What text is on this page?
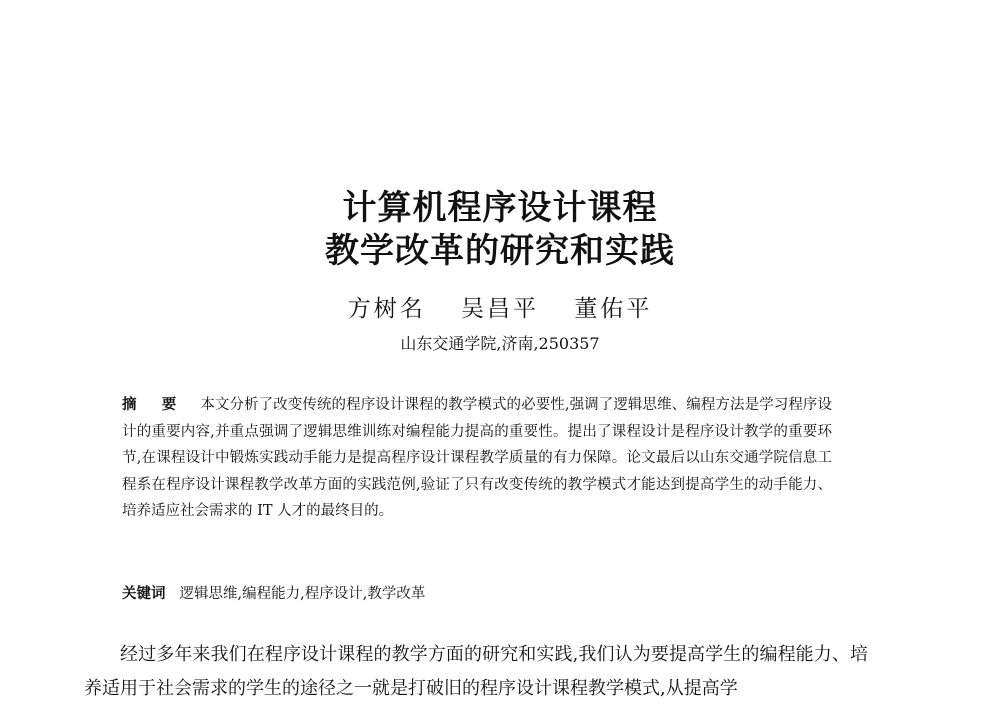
计算机程序设计课程
教学改革的研究和实践
方树名 吴昌平 董佑平
山东交通学院,济南,250357
摘 要 本文分析了改变传统的程序设计课程的教学模式的必要性,强调了逻辑思维、编程方法是学习程序设计的重要内容,并重点强调了逻辑思维训练对编程能力提高的重要性。提出了课程设计是程序设计教学的重要环节,在课程设计中锻炼实践动手能力是提高程序设计课程教学质量的有力保障。论文最后以山东交通学院信息工程系在程序设计课程教学改革方面的实践范例,验证了只有改变传统的教学模式才能达到提高学生的动手能力、培养适应社会需求的 IT 人才的最终目的。
关键词 逻辑思维,编程能力,程序设计,教学改革

经过多年来我们在程序设计课程的教学方面的研究和实践,我们认为要提高学生的编程能力、培养适用于社会需求的学生的途径之一就是打破旧的程序设计课程教学模式,从提高学
